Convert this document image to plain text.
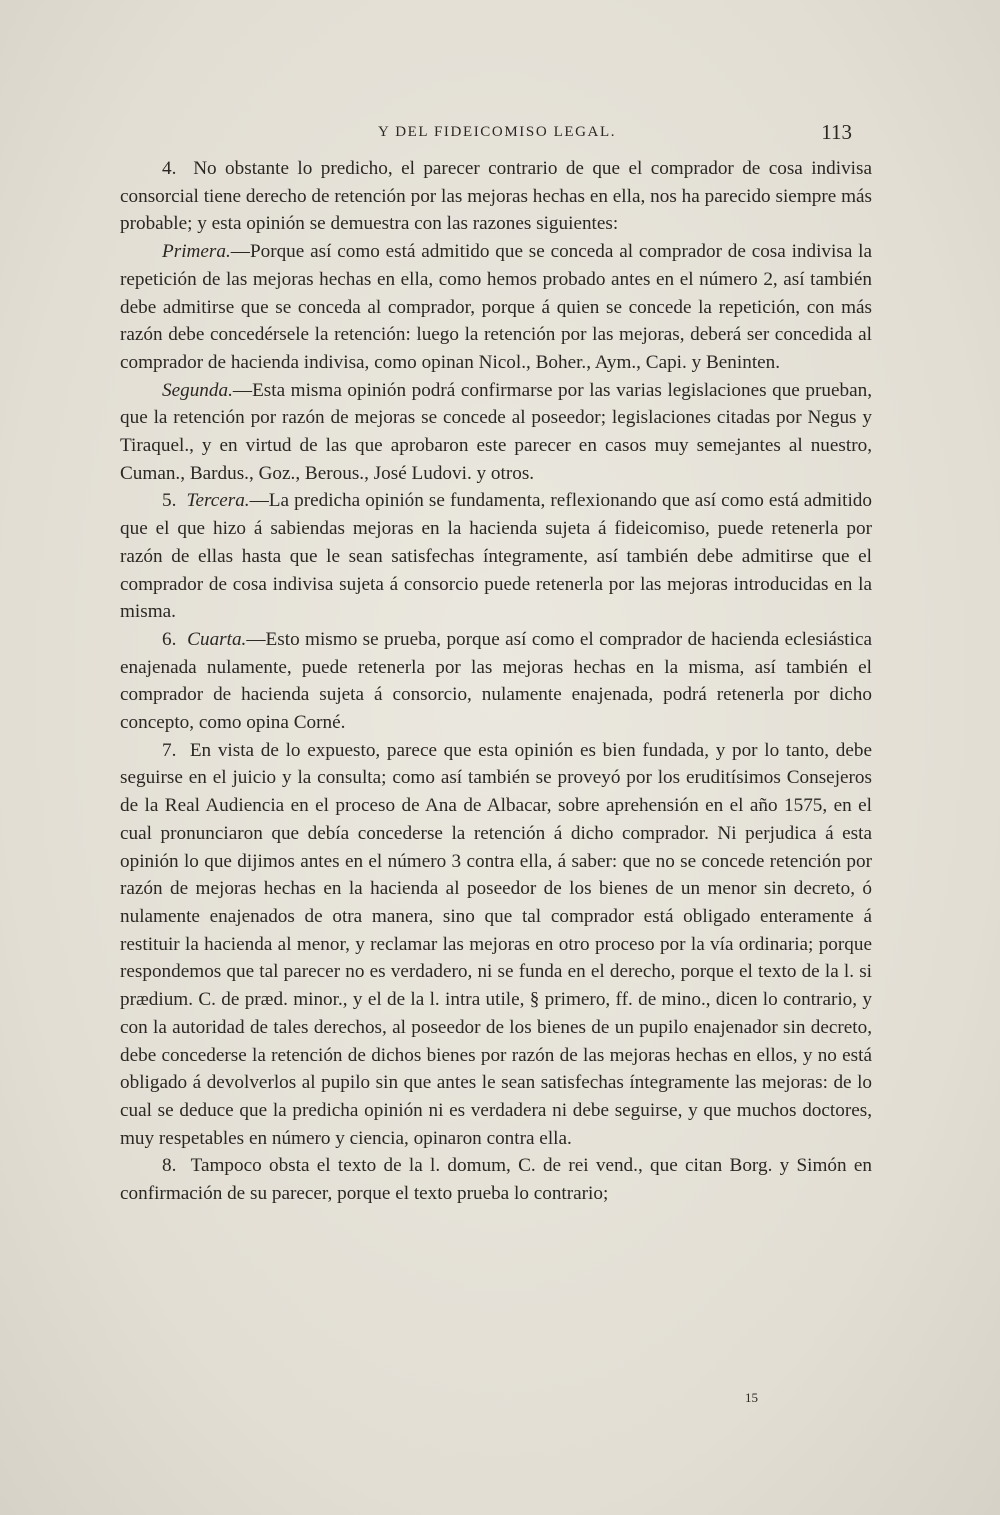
Y DEL FIDEICOMISO LEGAL.	113

4. No obstante lo predicho, el parecer contrario de que el comprador de cosa indivisa consorcial tiene derecho de retención por las mejoras hechas en ella, nos ha parecido siempre más probable; y esta opinión se demuestra con las razones siguientes:

Primera.—Porque así como está admitido que se conceda al comprador de cosa indivisa la repetición de las mejoras hechas en ella, como hemos probado antes en el número 2, así también debe admitirse que se conceda al comprador, porque á quien se concede la repetición, con más razón debe concedérsele la retención: luego la retención por las mejoras, deberá ser concedida al comprador de hacienda indivisa, como opinan Nicol., Boher., Aym., Capi. y Beninten.

Segunda.—Esta misma opinión podrá confirmarse por las varias legislaciones que prueban, que la retención por razón de mejoras se concede al poseedor; legislaciones citadas por Negus y Tiraquel., y en virtud de las que aprobaron este parecer en casos muy semejantes al nuestro, Cuman., Bardus., Goz., Berous., José Ludovi. y otros.

5. Tercera.—La predicha opinión se fundamenta, reflexionando que así como está admitido que el que hizo á sabiendas mejoras en la hacienda sujeta á fideicomiso, puede retenerla por razón de ellas hasta que le sean satisfechas íntegramente, así también debe admitirse que el comprador de cosa indivisa sujeta á consorcio puede retenerla por las mejoras introducidas en la misma.

6. Cuarta.—Esto mismo se prueba, porque así como el comprador de hacienda eclesiástica enajenada nulamente, puede retenerla por las mejoras hechas en la misma, así también el comprador de hacienda sujeta á consorcio, nulamente enajenada, podrá retenerla por dicho concepto, como opina Corné.

7. En vista de lo expuesto, parece que esta opinión es bien fundada, y por lo tanto, debe seguirse en el juicio y la consulta; como así también se proveyó por los eruditísimos Consejeros de la Real Audiencia en el proceso de Ana de Albacar, sobre aprehensión en el año 1575, en el cual pronunciaron que debía concederse la retención á dicho comprador. Ni perjudica á esta opinión lo que dijimos antes en el número 3 contra ella, á saber: que no se concede retención por razón de mejoras hechas en la hacienda al poseedor de los bienes de un menor sin decreto, ó nulamente enajenados de otra manera, sino que tal comprador está obligado enteramente á restituir la hacienda al menor, y reclamar las mejoras en otro proceso por la vía ordinaria; porque respondemos que tal parecer no es verdadero, ni se funda en el derecho, porque el texto de la l. si prædium. C. de præd. minor., y el de la l. intra utile, § primero, ff. de mino., dicen lo contrario, y con la autoridad de tales derechos, al poseedor de los bienes de un pupilo enajenador sin decreto, debe concederse la retención de dichos bienes por razón de las mejoras hechas en ellos, y no está obligado á devolverlos al pupilo sin que antes le sean satisfechas íntegramente las mejoras: de lo cual se deduce que la predicha opinión ni es verdadera ni debe seguirse, y que muchos doctores, muy respetables en número y ciencia, opinaron contra ella.

8. Tampoco obsta el texto de la l. domum, C. de rei vend., que citan Borg. y Simón en confirmación de su parecer, porque el texto prueba lo contrario;

15
